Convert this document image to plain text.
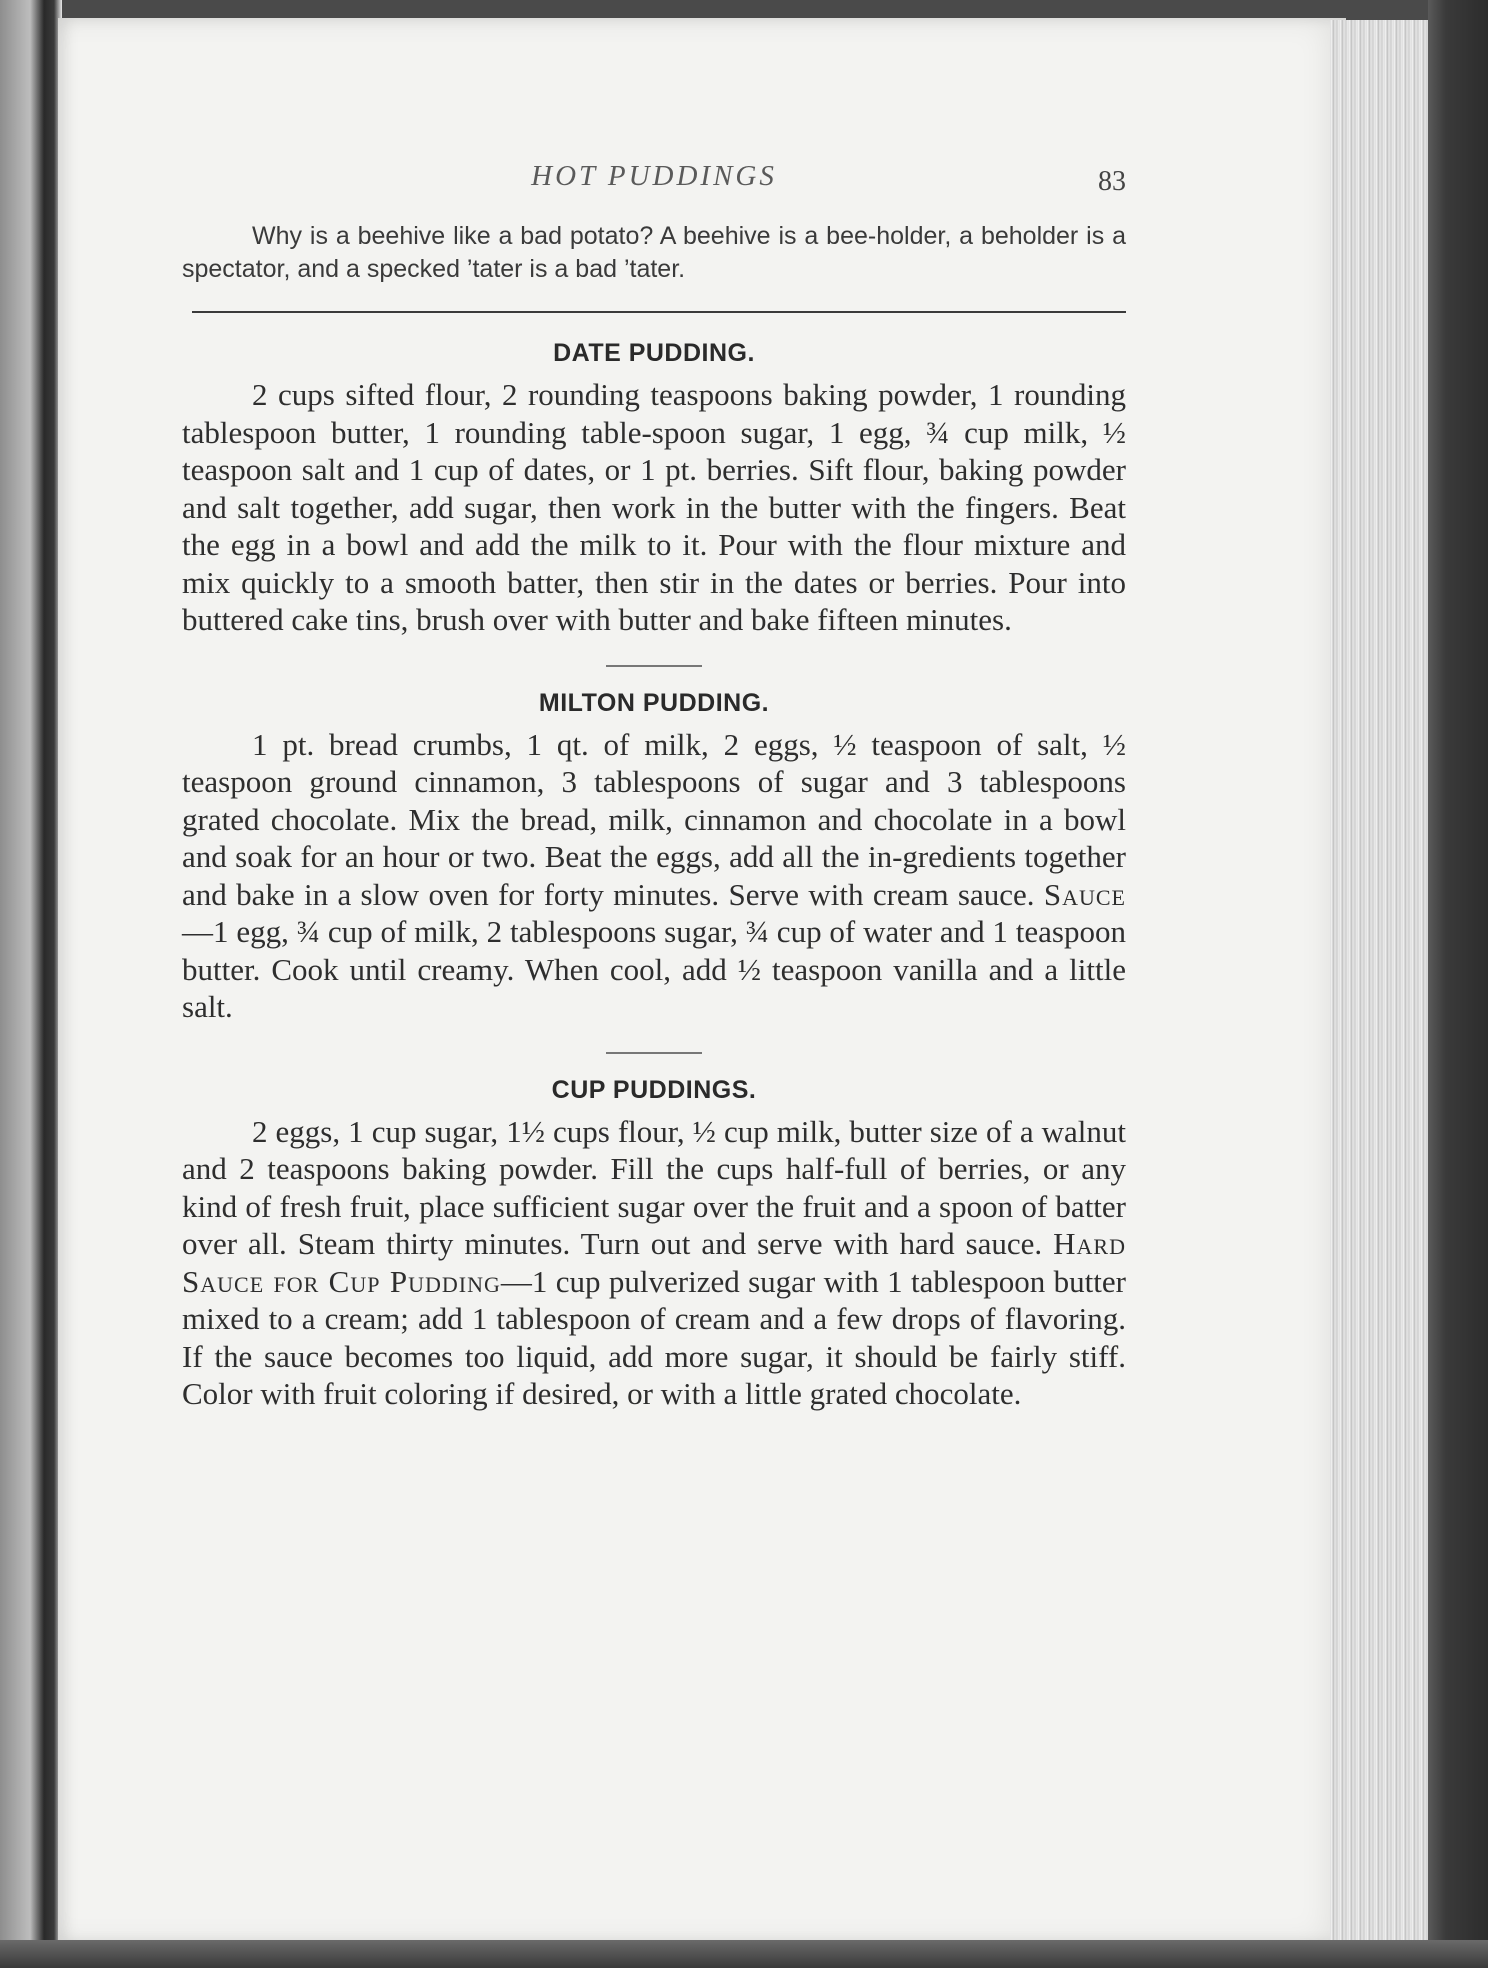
HOT PUDDINGS	83

Why is a beehive like a bad potato? A beehive is a bee-holder, a beholder is a spectator, and a specked ’tater is a bad ’tater.

DATE PUDDING.

2 cups sifted flour, 2 rounding teaspoons baking powder, 1 rounding tablespoon butter, 1 rounding table-spoon sugar, 1 egg, ¾ cup milk, ½ teaspoon salt and 1 cup of dates, or 1 pt. berries. Sift flour, baking powder and salt together, add sugar, then work in the butter with the fingers. Beat the egg in a bowl and add the milk to it. Pour with the flour mixture and mix quickly to a smooth batter, then stir in the dates or berries. Pour into buttered cake tins, brush over with butter and bake fifteen minutes.

MILTON PUDDING.

1 pt. bread crumbs, 1 qt. of milk, 2 eggs, ½ teaspoon of salt, ½ teaspoon ground cinnamon, 3 tablespoons of sugar and 3 tablespoons grated chocolate. Mix the bread, milk, cinnamon and chocolate in a bowl and soak for an hour or two. Beat the eggs, add all the in-gredients together and bake in a slow oven for forty minutes. Serve with cream sauce. Sauce—1 egg, ¾ cup of milk, 2 tablespoons sugar, ¾ cup of water and 1 teaspoon butter. Cook until creamy. When cool, add ½ teaspoon vanilla and a little salt.

CUP PUDDINGS.

2 eggs, 1 cup sugar, 1½ cups flour, ½ cup milk, butter size of a walnut and 2 teaspoons baking powder. Fill the cups half-full of berries, or any kind of fresh fruit, place sufficient sugar over the fruit and a spoon of batter over all. Steam thirty minutes. Turn out and serve with hard sauce. Hard Sauce for Cup Pudding—1 cup pulverized sugar with 1 tablespoon butter mixed to a cream; add 1 tablespoon of cream and a few drops of flavoring. If the sauce becomes too liquid, add more sugar, it should be fairly stiff. Color with fruit coloring if desired, or with a little grated chocolate.
